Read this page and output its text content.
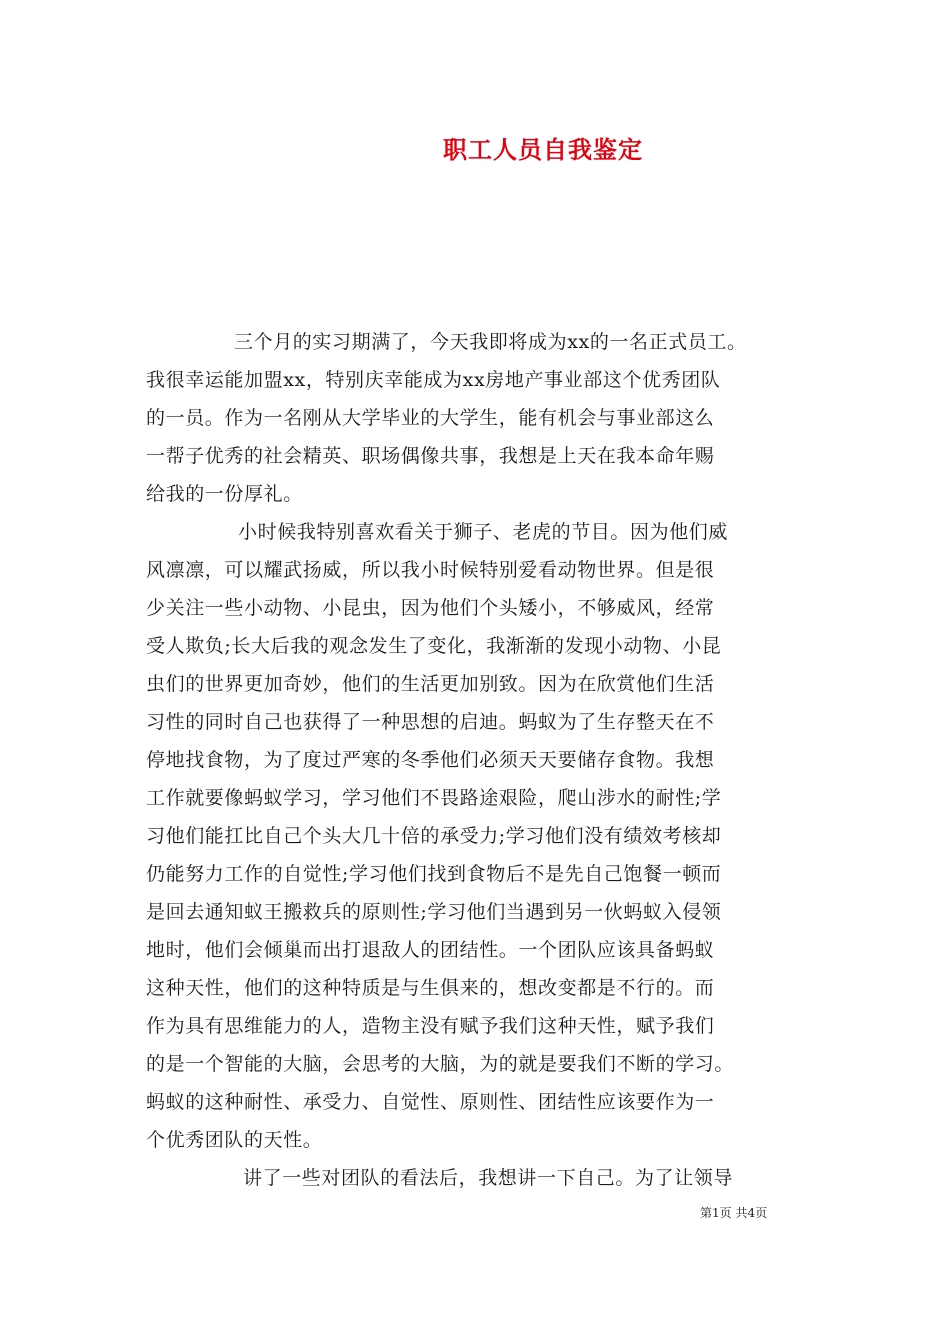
职工人员自我鉴定
三个月的实习期满了，今天我即将成为xx的一名正式员工。
我很幸运能加盟xx，特别庆幸能成为xx房地产事业部这个优秀团队
的一员。作为一名刚从大学毕业的大学生，能有机会与事业部这么
一帮子优秀的社会精英、职场偶像共事，我想是上天在我本命年赐
给我的一份厚礼。
小时候我特别喜欢看关于狮子、老虎的节目。因为他们威
风凛凛，可以耀武扬威，所以我小时候特别爱看动物世界。但是很
少关注一些小动物、小昆虫，因为他们个头矮小，不够威风，经常
受人欺负;长大后我的观念发生了变化，我渐渐的发现小动物、小昆
虫们的世界更加奇妙，他们的生活更加别致。因为在欣赏他们生活
习性的同时自己也获得了一种思想的启迪。蚂蚁为了生存整天在不
停地找食物，为了度过严寒的冬季他们必须天天要储存食物。我想
工作就要像蚂蚁学习，学习他们不畏路途艰险，爬山涉水的耐性;学
习他们能扛比自己个头大几十倍的承受力;学习他们没有绩效考核却
仍能努力工作的自觉性;学习他们找到食物后不是先自己饱餐一顿而
是回去通知蚁王搬救兵的原则性;学习他们当遇到另一伙蚂蚁入侵领
地时，他们会倾巢而出打退敌人的团结性。一个团队应该具备蚂蚁
这种天性，他们的这种特质是与生俱来的，想改变都是不行的。而
作为具有思维能力的人，造物主没有赋予我们这种天性，赋予我们
的是一个智能的大脑，会思考的大脑，为的就是要我们不断的学习。
蚂蚁的这种耐性、承受力、自觉性、原则性、团结性应该要作为一
个优秀团队的天性。
讲了一些对团队的看法后，我想讲一下自己。为了让领导
第1页 共4页
